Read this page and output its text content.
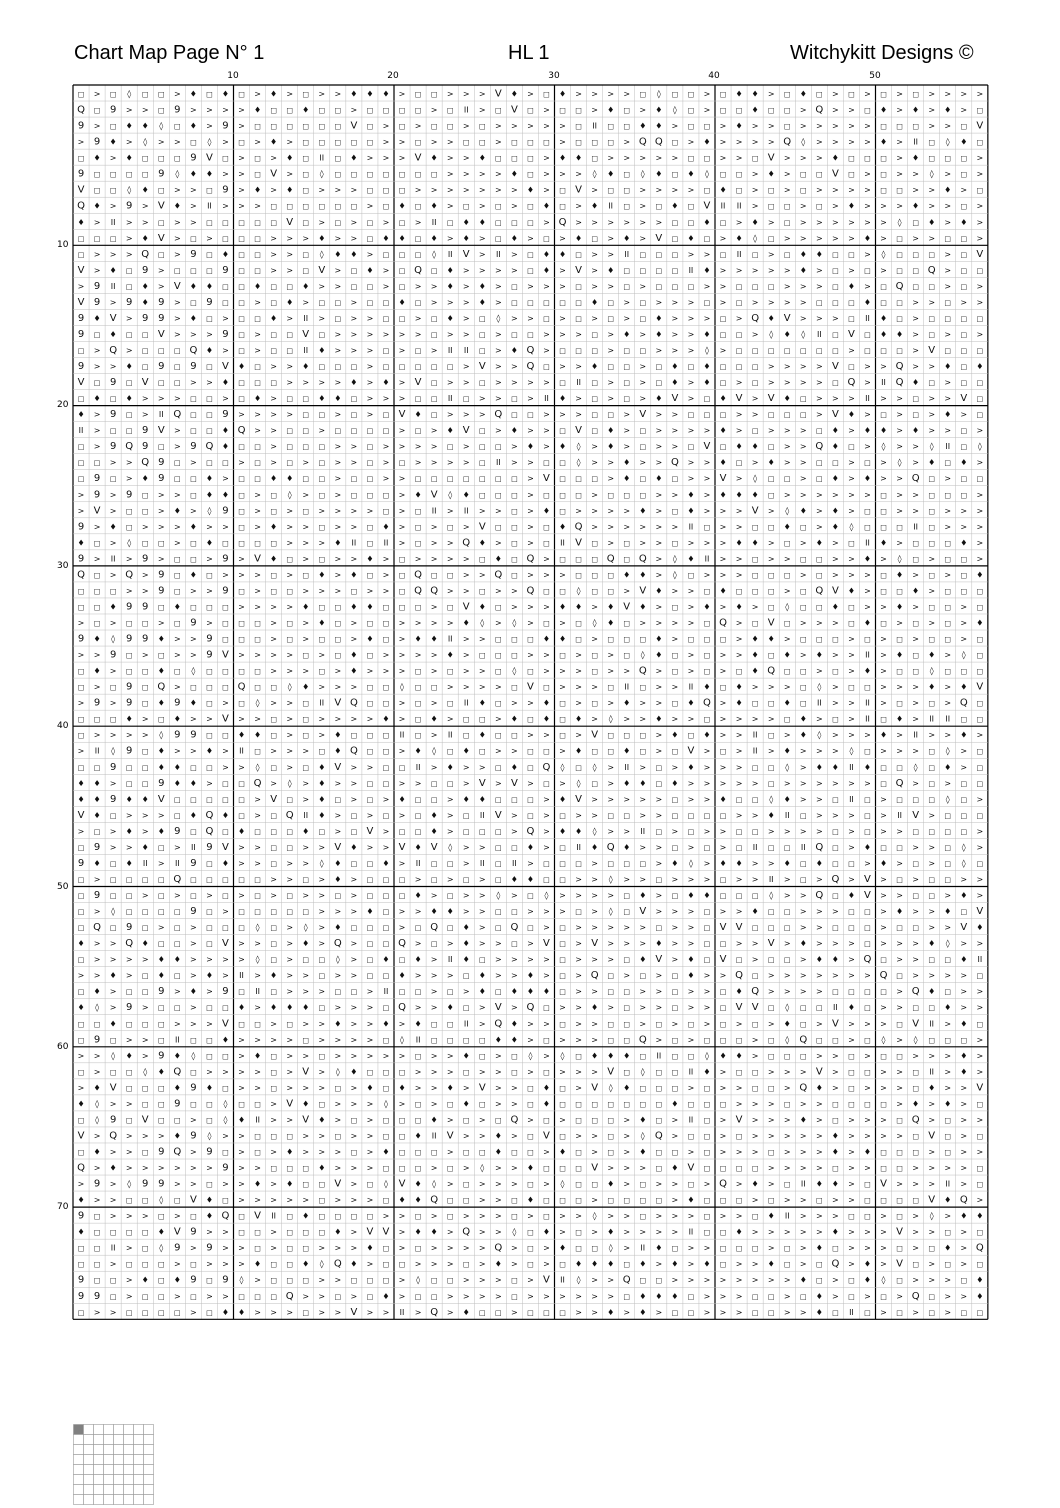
Chart Map Page N° 1	HL 1	Witchykitt Designs ©
10	20	30	40	50
10
20
30
40
50
60
70
□ > □ ◊ □ □ > ♦ □ ♦ □ > ♦ > □ > > ♦ ♦ ♦ > □ □ > > > V ♦ > □ ♦ > > > > □ ◊ □ □ > □ ♦ ♦ > □ ♦ □ > □ > □ > □ > > > >
Q □ 9 > > □ 9 > > > > ♦ □ □ ♦ □ □ > □ □ □ □ > □ II > □ V □ > □ □ > ♦ □ > ♦ ◊ □ > □ □ ♦ □ □ > Q > > □ ♦ > ♦ > ♦ > □
9 > □ ♦ ♦ ◊ □ ♦ > 9 > □ □ □ □ □ □ V □ > □ > □ □ > □ > > > > > □ II □ □ ♦ ♦ > □ □ > ♦ > > □ > > > > > □ □ □ > > □ V
> 9 ♦ > ◊ > > □ ◊ > □ > ♦ > □ □ □ □ □ > > □ > > □ □ > □ □ □ > □ □ □ > Q Q □ > ♦ > > > > Q ◊ > > > > ♦ > II □ ◊ ♦ □
□ ♦ > ♦ □ □ □ 9 V □ > □ > ♦ □ II □ ♦ > > > V ♦ > > ♦ □ □ □ > ♦ ♦ □ > > > > > □ □ > > □ V > > > ♦ □ □ □ > ♦ □ □ □ >
9 □ □ □ □ 9 ◊ ♦ ♦ > > □ V > □ ◊ □ □ □ □ □ □ □ > > > > ♦ □ > > > ◊ ♦ □ ◊ ♦ □ ♦ ◊ □ □ > ♦ > □ □ V □ > □ > > ◊ > □ >
V □ □ ◊ ♦ □ > > □ 9 > ♦ > ♦ □ > > > □ □ □ > > > > > > > ♦ > □ V > □ □ > > > > □ ♦ □ > □ > □ > > > > □ □ > > ♦ > □
Q ♦ > 9 > V ♦ > II > > > □ □ □ □ □ □ > □ ♦ □ ♦ > □ > □ > □ ♦ □ > ♦ II □ > □ ♦ □ V II II > □ □ > □ > ♦ > > > ♦ > > □ >
♦ > II > > □ > > □ □ □ □ □ V □ > □ > □ > □ > II □ ♦ ♦ □ □ □ > Q > > > > > > □ □ ♦ □ > ♦ > □ > > > > > > ◊ □ ♦ > ♦ >
□ □ □ > ♦ V > □ > □ □ □ > > > ♦ > > □ ♦ ♦ □ ♦ > ♦ > □ ♦ > □ > ♦ □ > ♦ > V □ ♦ □ > ♦ ◊ □ > > > > > ♦ > □ > > □ □ >
□ > > > Q □ > 9 □ ♦ □ □ > > □ ◊ ♦ ♦ > □ □ □ ◊ II V > II > □ ♦ ♦ □ > > II □ □ □ > > □ II □ > □ ♦ ♦ □ □ > ◊ □ □ □ > □ V
V > ♦ □ 9 > □ □ □ 9 □ □ > > □ V > □ ♦ > □ Q □ ♦ > > > > □ ♦ > V > ♦ □ □ □ □ II ♦ > > > > > ♦ > □ > □ > □ □ Q > □ □
> 9 II □ ♦ > V ♦ ♦ □ □ ♦ □ □ ♦ > > □ □ > □ > > ♦ > ♦ > □ > > > □ > > □ > □ □ □ > > □ □ □ > > > □ ♦ > □ Q □ □ > □ >
V 9 > 9 ♦ 9 > □ 9 □ □ > □ ♦ > □ □ > □ □ ♦ □ > > > ♦ > □ □ □ □ □ ♦ □ > □ > > > □ > □ > > > > □ □ □ ♦ □ □ > > □ > >
9 ♦ V > 9 9 > ♦ □ > □ □ ♦ > II > □ > > □ □ > □ ♦ > □ ◊ > > □ > □ > □ > □ ♦ > > > □ > Q ♦ V > > > □ II ♦ □ > □ □ □ □
9 □ ♦ □ □ V > > > 9 □ > □ □ V □ > > > > > > □ > > □ > □ □ > > > □ > ♦ > ♦ > > ♦ □ □ > ◊ ♦ ◊ II □ V □ ♦ ♦ > □ > □ >
□ > Q > □ □ □ Q ♦ > □ > □ □ II ♦ > > > □ > □ > II II □ > ♦ Q > □ □ □ > □ □ > > > ◊ > □ □ □ □ □ □ □ > □ □ □ > V □ □ □
9 > > ♦ □ 9 □ 9 □ V ♦ □ > > ♦ □ □ □ > □ □ □ □ □ > V > > Q □ > > ♦ □ □ > □ ♦ □ ♦ □ □ □ > > > > V □ > > Q > > ♦ □ ♦
V □ 9 □ V □ □ > > ♦ □ □ □ > > > > ♦ > ♦ > V □ > > □ > > > > □ II □ > □ > □ ♦ > ♦ □ > □ > > > > □ Q > II Q ♦ □ > □ □
□ ♦ □ ♦ > > > □ □ > □ ♦ > □ □ ♦ ♦ □ > > > □ □ II □ > > □ > II ♦ > □ > □ > ♦ V > □ ♦ V > V ♦ □ > > > II > > □ > > V □
♦ > 9 □ > II Q □ □ 9 > > > > □ □ > □ > □ V ♦ □ > > > Q □ □ > > > □ □ > V > > □ □ □ > > □ □ □ > V ♦ > □ > □ > ♦ > □
II > □ □ 9 V > □ □ ♦ Q > > □ □ > □ □ □ □ > □ > ♦ V □ > ♦ > > □ V □ ♦ > □ > > > > ♦ > □ > > > □ ♦ > ♦ ♦ > ♦ > > □ >
□ > 9 Q 9 □ > 9 Q ♦ □ □ > □ □ □ > > □ > > > > □ > □ □ > ♦ > ♦ ◊ > ♦ > □ > > □ V □ ♦ ♦ □ > > Q ♦ □ > ◊ > > ◊ II □ ◊
□ □ > > Q 9 □ > □ □ > □ > □ > □ > > □ > □ > > > > □ II > > □ □ ◊ > > ♦ > > Q > > ♦ □ > ♦ > > □ □ > □ > ◊ > ♦ □ ♦ >
□ 9 □ > ♦ 9 □ □ ♦ > □ □ ♦ ♦ □ □ > □ □ > > □ □ □ □ □ □ □ > V □ □ □ > ♦ □ ♦ □ > > V > ◊ □ □ > □ ♦ > ♦ > > Q □ > □ □
> 9 > 9 □ > > □ ♦ ♦ □ > □ ◊ > □ > □ □ □ > ♦ V ◊ ♦ □ □ □ > □ □ □ > □ □ □ > > ♦ > ♦ ♦ ♦ □ > > > > > > □ > > □ □ □ >
> V > □ □ > ♦ > ◊ 9 □ > □ > □ > > > > □ > □ II > II > > □ > ♦ □ > > > > ♦ > □ ♦ > > > V > ◊ ♦ > ♦ > □ □ > > □ > > >
9 > ♦ □ > > > ♦ > > □ > ♦ > > □ > > □ ♦ > □ > □ > V □ □ > □ ♦ Q > > > > > > II □ > > □ □ ♦ □ > ♦ ◊ □ □ □ II □ > > >
♦ □ > ◊ □ □ > □ ♦ □ □ □ □ > > > ♦ II □ II > □ > > Q ♦ > □ > □ II V □ > □ > > □ > > > ♦ ♦ > □ > ♦ > □ II ♦ > □ □ □ ♦ >
9 > II > 9 > □ □ > 9 > V ♦ □ > □ > > ♦ > □ > > > > □ ♦ □ Q > □ □ □ Q □ Q > ◊ ♦ II > > □ > > □ □ > > ♦ > ◊ □ > □ □ >
Q □ > Q > 9 □ ♦ □ > > > □ > □ ♦ > ♦ □ > □ Q □ □ > > Q □ > > > □ □ □ ♦ ♦ > ◊ □ > > > □ □ □ > □ > > > □ ♦ > □ > □ ♦
□ □ □ > > 9 □ > > 9 □ > □ □ > > > □ > > □ Q Q > > □ > > Q □ □ ◊ □ □ > V ♦ > > □ ♦ □ □ □ > □ Q V ♦ > □ □ ♦ > □ □ □
□ □ ♦ 9 9 □ ♦ □ □ □ > > > > ♦ □ □ ♦ ♦ □ □ □ > □ V ♦ □ > > > ♦ ♦ > ♦ V ♦ > □ > ♦ > ♦ > □ ◊ □ □ ♦ □ > > ♦ > □ □ > □
> □ > □ □ > □ 9 > □ □ □ > □ > ♦ □ > □ □ > > > > ♦ ◊ > ◊ > □ > □ ◊ ♦ □ > > > > □ Q > □ V □ > > > □ ♦ □ > □ > □ > ♦
9 ♦ ◊ 9 9 ♦ > > 9 □ □ □ > □ > □ □ > ♦ □ > ♦ ♦ II > > □ □ □ ♦ ♦ □ > □ □ □ ♦ > □ □ □ > ♦ ♦ > □ □ □ > □ > □ > □ □ > □
> > 9 □ > □ > > 9 V > > > > □ > □ ♦ □ > > > > ♦ > □ □ □ > > □ > □ > □ ◊ ♦ □ > □ > > ♦ □ ♦ > ♦ > > II > ♦ □ ♦ > ◊ □
□ ♦ > □ □ ♦ □ ◊ □ □ □ □ > > > □ > ♦ > > > □ > □ > > □ ◊ □ > > > □ > > Q > □ > □ > □ ♦ Q □ □ > □ > ♦ > □ □ ◊ □ □ □
□ > □ 9 □ Q > □ □ □ Q □ □ ◊ ♦ > > > □ □ ◊ □ □ > > > > □ V □ > > > □ II □ > > II ♦ □ ♦ > > > □ ◊ > □ □ > > > ♦ > ♦ V
> 9 > 9 □ ♦ 9 ♦ □ > □ ◊ > > □ II V Q □ □ > □ > □ II ♦ □ > > ♦ □ > □ > ♦ > > □ ♦ Q > ♦ □ □ ♦ □ II > > II > □ > □ > Q □
□ □ □ ♦ > □ ♦ > > V > > □ > □ > > > > ♦ > □ ♦ > □ □ > ♦ □ ♦ □ ♦ > ◊ > > ♦ > > □ > > > > □ ♦ > □ > II □ ♦ > II II □ □
□ > > > > ◊ 9 9 □ □ ♦ ♦ □ > □ > ♦ □ □ □ II □ > II □ ♦ □ □ > > □ > V □ □ □ > ♦ □ ♦ > > II □ > ♦ ◊ > > > ♦ > II > > ♦ >
> II ◊ 9 □ ♦ > > ♦ > II □ > > > □ ♦ Q □ □ > ♦ ◊ □ ♦ □ > > □ □ > ♦ □ □ ♦ □ > □ V > □ > II > ♦ > > > ◊ □ > > > □ ◊ > □
□ □ 9 □ □ ♦ ♦ □ □ > > ◊ □ > □ ♦ V > > □ □ II > ♦ > > □ ♦ □ Q ◊ □ ◊ > II > □ > ♦ > > > □ □ ◊ > ♦ ♦ II ♦ □ □ ◊ □ ♦ > □
♦ ♦ > □ □ 9 ♦ ♦ > □ □ Q > ◊ > ♦ > > □ □ > > □ □ > V > V > □ > ◊ □ > ♦ ♦ □ ♦ > > > > > □ > > > > > > □ Q > □ > □ □
♦ ♦ 9 ♦ ♦ V □ □ □ □ □ > V □ > ♦ □ > □ > ♦ □ □ > ♦ ♦ □ □ □ > ♦ V > > > > > □ > > ♦ □ □ ◊ ♦ > > □ II □ > □ □ □ ◊ □ >
V ♦ □ > > > □ ♦ Q ♦ □ > □ Q II ♦ > □ > □ > □ ♦ > □ II V > □ > □ > > □ □ > > □ □ □ □ > > ♦ II □ > > > □ > II V > □ □ □
> □ > ♦ > ♦ 9 □ Q □ ♦ □ □ □ ♦ □ > □ V > □ □ ♦ > □ □ □ > Q > ♦ ♦ ◊ > > II □ > □ > > □ □ > > > > □ > □ > > □ □ □ □ >
□ 9 > > ♦ □ > II 9 V > > □ □ > > V ♦ > > V ♦ V ◊ > > □ □ ♦ > □ II ♦ Q ♦ > > □ > □ > □ II □ □ II Q □ > ♦ □ □ > > □ ◊ >
9 ♦ □ ♦ II > II 9 □ ♦ > > □ > > ◊ ♦ □ □ ♦ > II □ □ > II □ II > □ □ □ > □ □ □ > ♦ ◊ > ♦ ♦ > > ♦ □ ♦ □ □ > ♦ > □ > □ ◊ □
□ > □ □ □ □ Q □ □ □ □ □ > > □ > ♦ > □ □ □ > □ > □ > □ ♦ ♦ □ □ > > ◊ > > □ > > > □ > > II > □ > Q > V > □ > □ □ > >
□ 9 □ □ > □ > □ > □ > □ > □ > > □ > □ □ □ ♦ > □ > > ◊ > □ ◊ > > > > □ ♦ > □ ♦ ♦ □ □ □ ◊ > > Q □ ♦ V > > □ □ > ♦ >
□ > ◊ □ □ □ □ 9 □ > □ □ □ □ □ > > > ♦ □ > > ♦ ♦ > > □ □ > > > □ > ◊ □ V > > > □ > > ♦ □ □ > > > □ □ > ♦ > > ♦ □ V
□ Q □ 9 □ > □ > □ □ □ ◊ □ > ◊ > ♦ □ □ □ > □ Q □ ♦ > □ Q □ > □ > > > > > □ > > □ V V □ □ □ > > □ □ □ > □ □ > > V ♦
♦ > > Q ♦ □ □ > □ V > > □ > ♦ > Q > □ □ Q > □ > ♦ > > □ > V □ > V > > > ♦ > > □ □ > > V > ♦ > > > □ > > > ♦ ◊ > >
□ > > > > ♦ ♦ > > > > ◊ □ > □ □ ◊ > □ ♦ □ ♦ > II ♦ □ > > > > □ > > > □ ♦ V > ♦ □ V □ > □ □ > ♦ ♦ > Q □ > > □ □ ♦ II
> > ♦ > □ ♦ □ > ♦ > II > ♦ > > □ > > □ □ ♦ > > > □ ♦ > > ♦ > □ > Q □ > □ > □ ♦ > > Q □ > > > > > > > Q □ > > > > □
□ ♦ > □ □ 9 > ♦ > 9 □ II □ > > > □ □ > II □ □ > □ > ♦ □ ♦ ♦ ♦ □ > > □ □ > > □ > > □ ♦ Q > > > > □ □ □ □ > Q ♦ □ > >
♦ ◊ > 9 > □ □ > □ □ ♦ > ♦ ♦ ♦ □ > > > □ Q > > ♦ □ > V > Q □ > > ♦ > □ > > □ > > □ V V □ ◊ □ □ II ♦ □ > > □ □ ♦ > >
□ □ ♦ □ □ □ > > > V □ □ > □ > > ♦ > > ♦ > ♦ □ □ II > Q ♦ > > □ > > □ □ > □ > □ > □ > □ > ♦ □ > V > > > □ V II > ♦ □
□ 9 □ > > □ II □ □ ♦ > > > > □ > > > > □ ◊ II □ □ □ □ ♦ ♦ > □ > > > □ □ Q > □ > □ □ □ > □ ◊ Q □ □ > □ ◊ > ◊ □ □ □ >
> > ◊ ♦ > 9 ♦ ◊ □ □ > ♦ □ > > □ > > > > > □ > > ♦ □ > □ ◊ > ◊ □ ♦ ♦ ♦ □ II □ □ ◊ ♦ ♦ > □ □ □ > > □ > □ □ > > > ♦ >
□ > □ □ ◊ ♦ Q □ > > > > □ > V > ◊ ♦ □ □ □ > > > □ > > □ > □ > > > V □ ◊ □ □ II ♦ > □ □ > > > V > □ □ > > □ II > ♦ >
> ♦ V □ □ □ ♦ 9 ♦ □ > > □ > > > □ > ♦ □ ♦ > > ♦ > V > > □ ♦ □ > V ◊ ♦ □ □ □ > □ > > □ □ > Q ♦ > □ > > > □ ♦ > > V
♦ ◊ > > □ □ 9 □ □ ◊ □ □ > V ♦ □ > > > ◊ > □ > □ ♦ □ > > □ ♦ □ □ □ □ □ □ □ ♦ □ □ □ > > > □ > > □ □ □ □ > ♦ > ♦ > □
□ ◊ 9 □ V □ □ > □ ◊ ♦ II > > V ♦ > □ > □ □ □ ♦ > □ > □ Q > □ > □ □ □ > ♦ □ > II □ > V > > > ♦ > □ > > > □ Q > □ > >
V > Q > > > ♦ 9 ◊ > > □ □ □ > > □ > > □ □ ♦ II V > > ♦ > □ V □ > > □ > ◊ Q > □ □ > □ > > > > > ♦ > > > > □ V □ > □
□ ♦ > > □ 9 Q > 9 □ > □ > ♦ > > > □ > ♦ □ □ □ > □ □ ♦ □ □ > ♦ □ > □ > ♦ □ □ > □ > > > □ > > > ♦ > ♦ □ □ □ > □ > >
Q > ♦ > > > > > > 9 > > □ □ □ ♦ > > > □ □ □ > □ > ◊ > > ♦ □ □ □ V > > > □ ♦ V □ □ □ □ > > > > □ > > □ □ > > > > □
> 9 > ◊ 9 9 > > □ > > ♦ > ♦ □ □ V > □ ◊ V ♦ ◊ > □ > > > □ > ◊ □ □ ♦ > □ > > □ > Q > ♦ > □ II ♦ ♦ > □ V > > > II > □
♦ > > □ □ ◊ □ V ♦ □ > > > > > □ > > > □ ♦ ♦ Q □ □ > > □ ♦ □ □ □ > □ □ □ □ > ♦ □ □ □ > □ > > □ > > □ □ □ □ V ♦ Q >
9 □ > > > □ > □ ♦ Q □ V II □ ♦ □ □ □ □ > > □ > □ > > > □ > □ > > ◊ > > □ > > > □ > > □ ♦ II > > > □ □ > □ > ◊ > ♦ ♦
♦ □ □ □ □ ♦ V 9 > > □ □ > □ □ □ ♦ > V V > ♦ ♦ > Q > > ◊ □ ♦ > □ > ♦ > > > > II □ □ ♦ > > > > > ♦ > > > V > > □ > □
□ □ II > □ ◊ 9 > 9 > > □ > □ □ > > > ♦ □ > □ > > > > Q > □ > ♦ □ □ ◊ > II ♦ □ > > □ □ □ > □ > ♦ □ > > > □ > □ ♦ > Q
□ □ > □ □ □ > □ > > > ♦ □ □ ♦ ◊ Q ♦ > □ □ > > > □ > ♦ > □ > □ ♦ ♦ ♦ □ ♦ > ♦ > ♦ □ > > ♦ □ > □ Q > ♦ > V □ > □ > □
9 □ □ > ♦ □ ♦ 9 □ 9 ◊ > □ □ □ > > □ □ □ > ◊ □ □ > > > □ > V II ◊ > > Q □ □ > > > > > > > > ♦ □ > □ ♦ ◊ □ > > > □ ♦
9 9 □ > □ □ > □ > > □ □ □ Q > > □ > □ ♦ > □ □ > > > > □ > > > > > > □ ♦ ♦ ♦ □ > > > □ □ > □ ♦ > □ > □ > Q □ > > ♦
□ > > □ □ □ □ > □ ♦ ♦ > > > □ > > V > > II > Q > ♦ □ □ > □ □ □ > > ♦ > ♦ > □ □ > > > □ □ > > ♦ □ II □ > □ > □ > □ □
